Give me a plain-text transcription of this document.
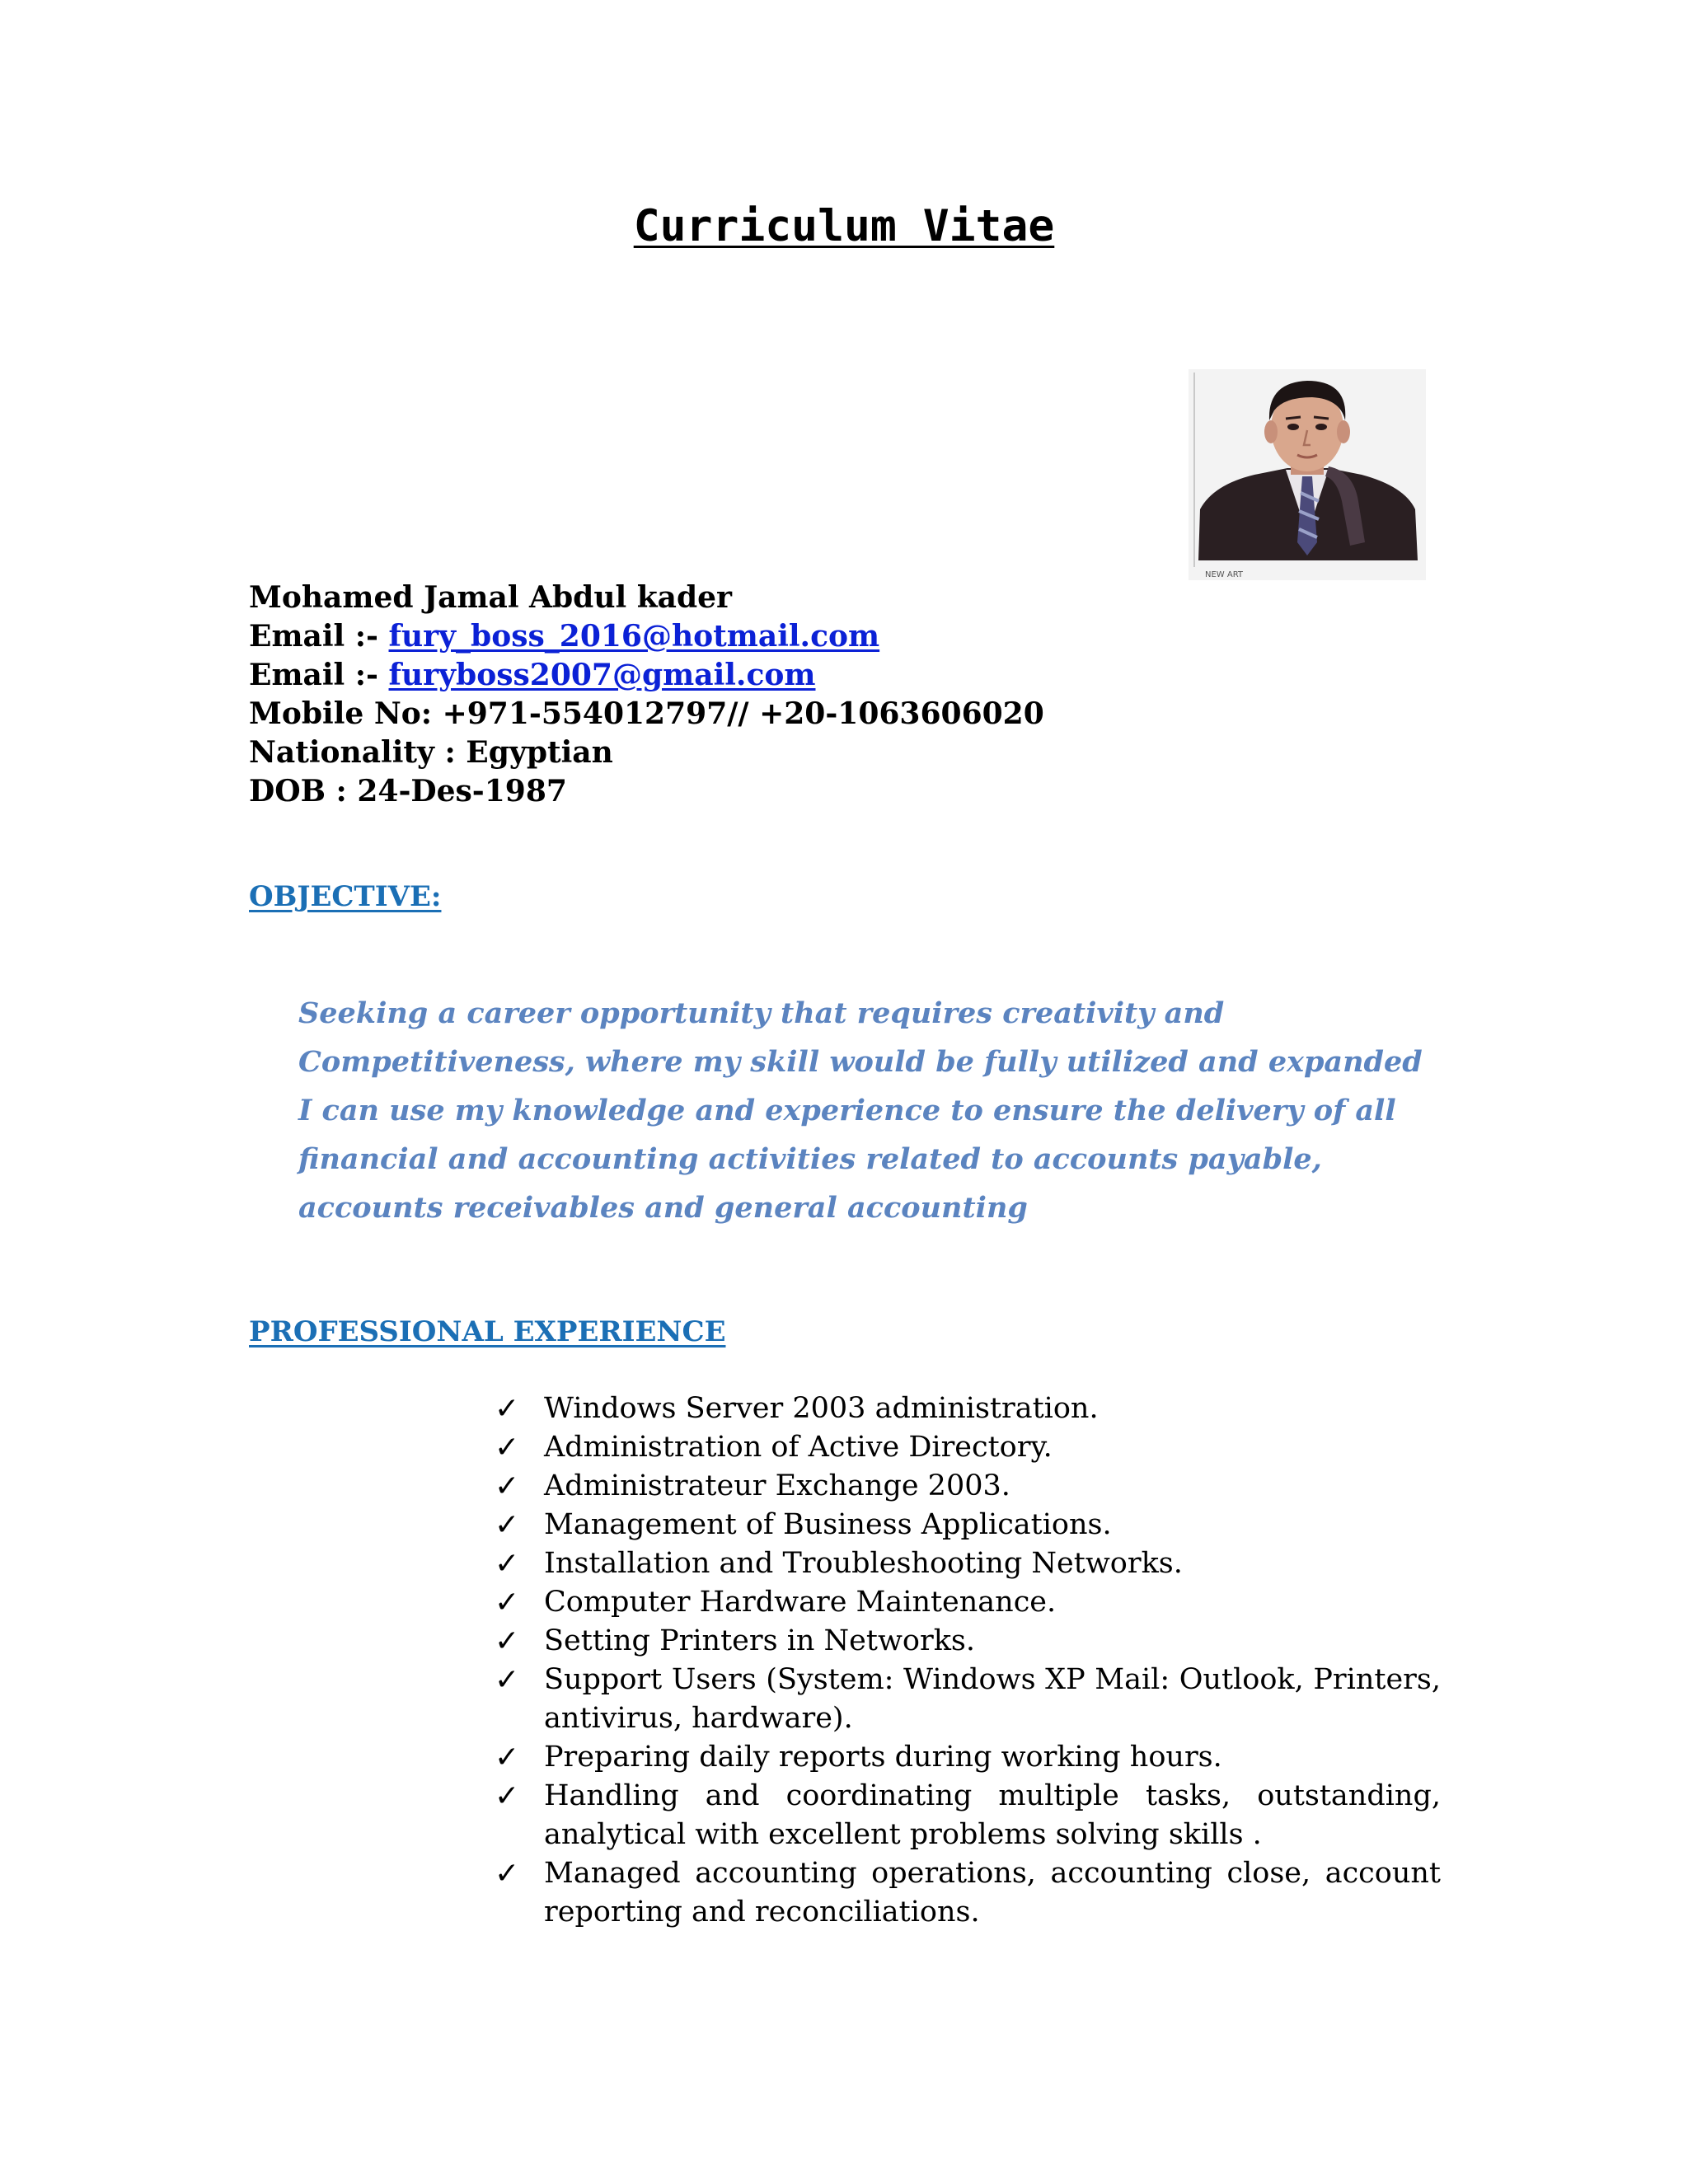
Curriculum Vitae
NEW ART
Mohamed Jamal Abdul kader
Email :- fury_boss_2016@hotmail.com
Email :- furyboss2007@gmail.com
Mobile No: +971-554012797// +20-1063606020
Nationality : Egyptian
DOB : 24-Des-1987
OBJECTIVE:
Seeking a career opportunity that requires creativity and Competitiveness, where my skill would be fully utilized and expanded I can use my knowledge and experience to ensure the delivery of all financial and accounting activities related to accounts payable, accounts receivables and general accounting
PROFESSIONAL EXPERIENCE
✓ Windows Server 2003 administration.
✓ Administration of Active Directory.
✓ Administrateur Exchange 2003.
✓ Management of Business Applications.
✓ Installation and Troubleshooting Networks.
✓ Computer Hardware Maintenance.
✓ Setting Printers in Networks.
✓ Support Users (System: Windows XP Mail: Outlook, Printers, antivirus, hardware).
✓ Preparing daily reports during working hours.
✓ Handling and coordinating multiple tasks, outstanding, analytical with excellent problems solving skills .
✓ Managed accounting operations, accounting close, account reporting and reconciliations.
